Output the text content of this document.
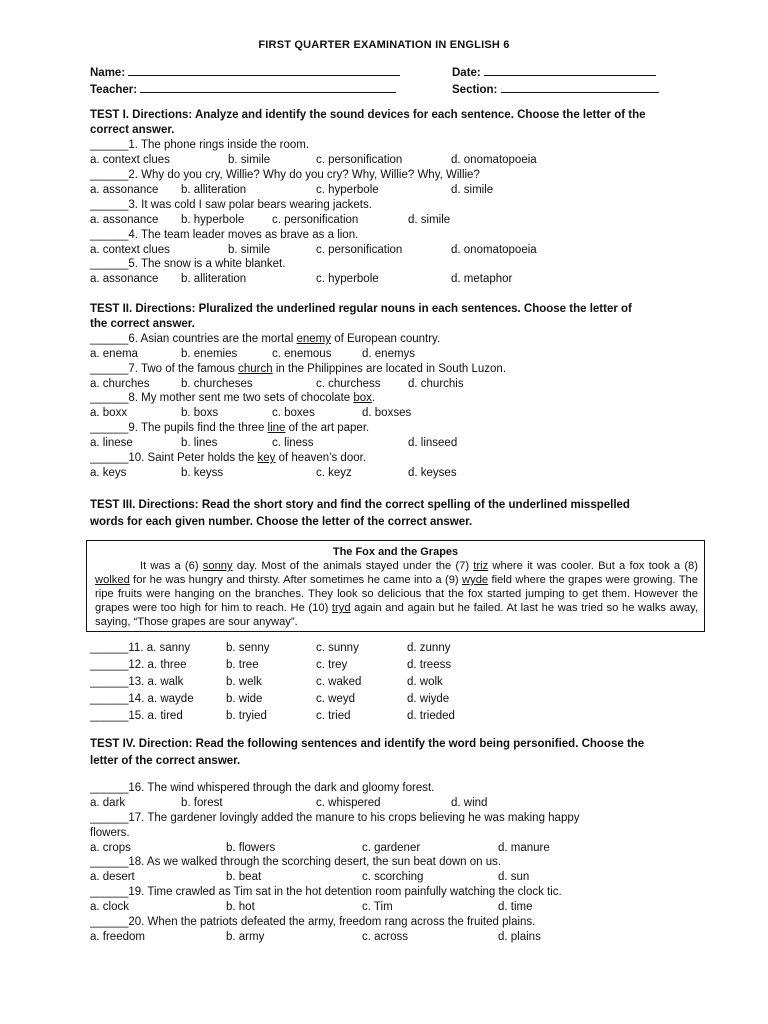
FIRST QUARTER EXAMINATION IN ENGLISH 6
Name:	Date:
Teacher:	Section:
TEST I. Directions: Analyze and identify the sound devices for each sentence. Choose the letter of the correct answer.
______1. The phone rings inside the room.
a. context clues	b. simile	c. personification	d. onomatopoeia
______2. Why do you cry, Willie? Why do you cry? Why, Willie? Why, Willie?
a. assonance b. alliteration	c. hyperbole	d. simile
______3. It was cold I saw polar bears wearing jackets.
a. assonance b. hyperbole c. personification	d. simile
______4. The team leader moves as brave as a lion.
a. context clues	b. simile	c. personification	d. onomatopoeia
______5. The snow is a white blanket.
a. assonance b. alliteration	c. hyperbole	d. metaphor
TEST II. Directions: Pluralized the underlined regular nouns in each sentences. Choose the letter of the correct answer.
______6. Asian countries are the mortal enemy of European country.
a. enema	b. enemies	c. enemous	d. enemys
______7. Two of the famous church in the Philippines are located in South Luzon.
a. churches	b. churcheses	c. churchess d. churchis
______8. My mother sent me two sets of chocolate box.
a. boxx	b. boxs	c. boxes	d. boxses
______9. The pupils find the three line of the art paper.
a. linese	b. lines	c. liness	d. linseed
______10. Saint Peter holds the key of heaven’s door.
a. keys	b. keyss	c. keyz	d. keyses
TEST III. Directions: Read the short story and find the correct spelling of the underlined misspelled words for each given number. Choose the letter of the correct answer.
The Fox and the Grapes
It was a (6) sonny day. Most of the animals stayed under the (7) triz where it was cooler. But a fox took a (8) wolked for he was hungry and thirsty. After sometimes he came into a (9) wyde field where the grapes were growing. The ripe fruits were hanging on the branches. They look so delicious that the fox started jumping to get them. However the grapes were too high for him to reach. He (10) tryd again and again but he failed. At last he was tried so he walks away, saying, “Those grapes are sour anyway”.
______11. a. sanny	b. senny	c. sunny	d. zunny
______12. a. three	b. tree	c. trey	d. treess
______13. a. walk	b. welk	c. waked	d. wolk
______14. a. wayde	b. wide	c. weyd	d. wiyde
______15. a. tired	b. tryied	c. tried	d. trieded
TEST IV. Direction: Read the following sentences and identify the word being personified. Choose the letter of the correct answer.
______16. The wind whispered through the dark and gloomy forest.
a. dark	b. forest	c. whispered	d. wind
______17. The gardener lovingly added the manure to his crops believing he was making happy
flowers.
a. crops	b. flowers	c. gardener	d. manure
______18. As we walked through the scorching desert, the sun beat down on us.
a. desert	b. beat	c. scorching	d. sun
______19. Time crawled as Tim sat in the hot detention room painfully watching the clock tic.
a. clock	b. hot	c. Tim	d. time
______20. When the patriots defeated the army, freedom rang across the fruited plains.
a. freedom	b. army	c. across	d. plains
